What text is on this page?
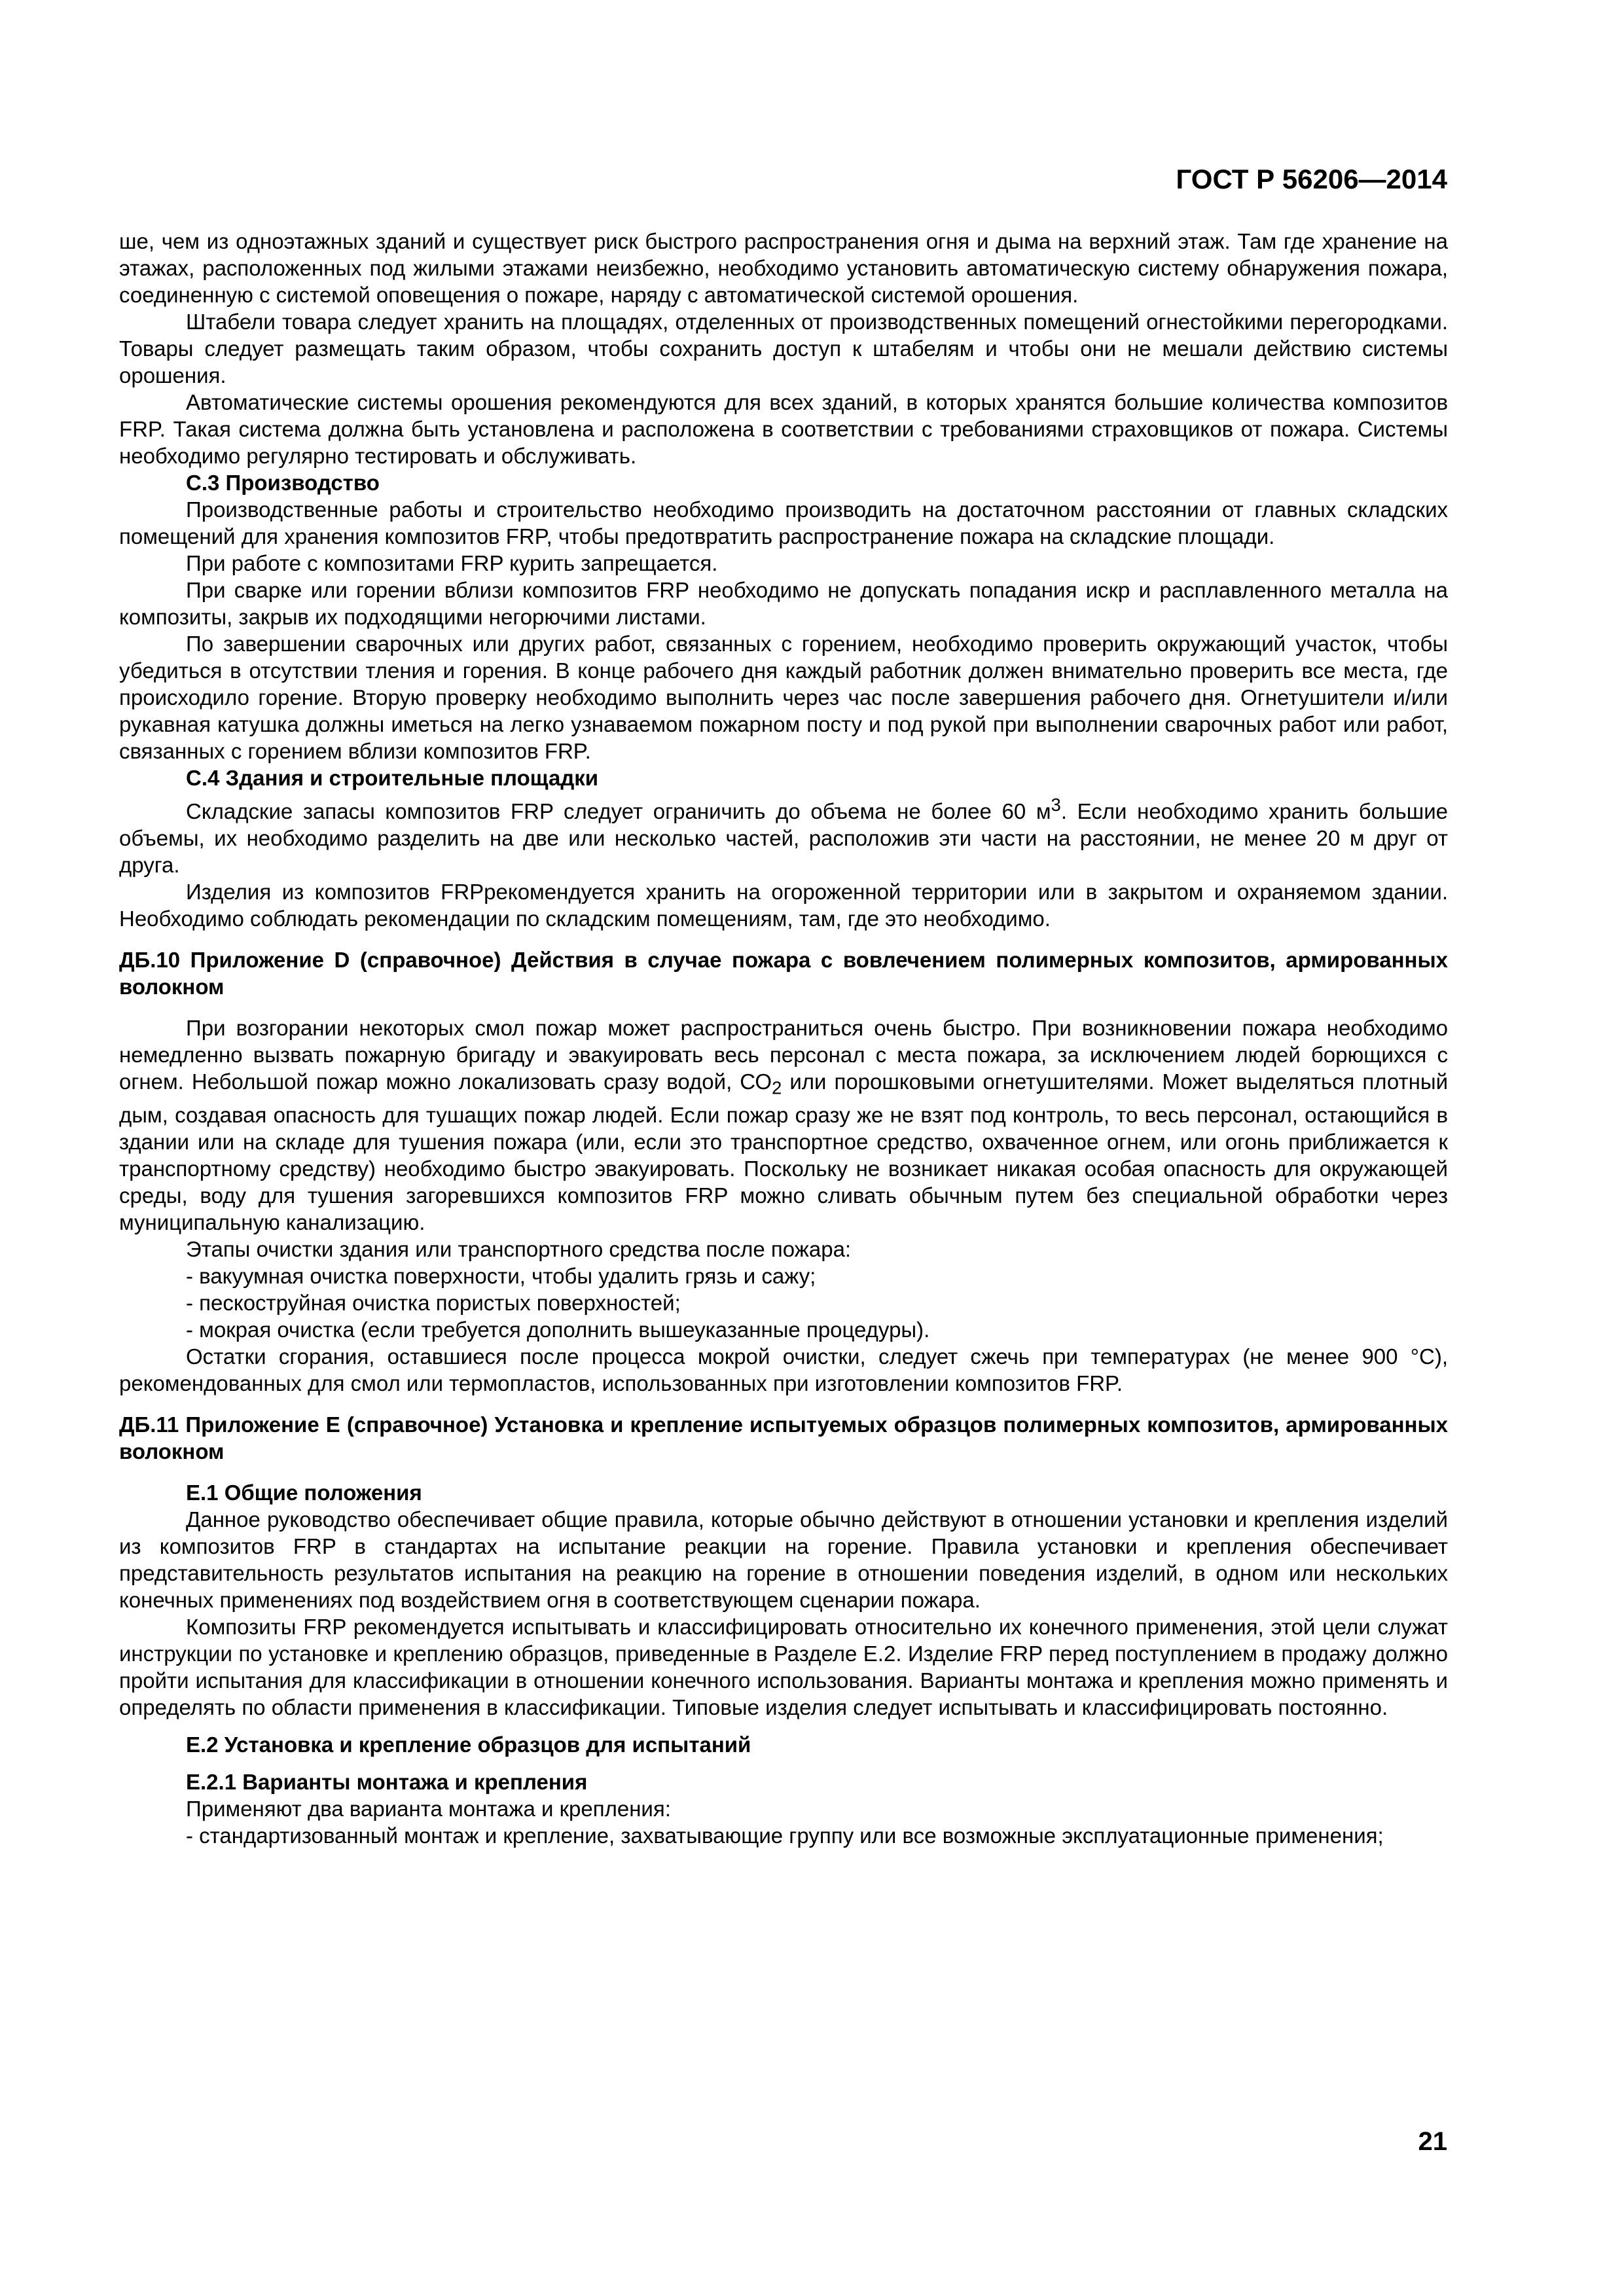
ГОСТ Р 56206—2014

ше, чем из одноэтажных зданий и существует риск быстрого распространения огня и дыма на верхний этаж. Там где хранение на этажах, расположенных под жилыми этажами неизбежно, необходимо установить автоматическую систему обнаружения пожара, соединенную с системой оповещения о пожаре, наряду с автоматической системой орошения.

Штабели товара следует хранить на площадях, отделенных от производственных помещений огнестойкими перегородками. Товары следует размещать таким образом, чтобы сохранить доступ к штабелям и чтобы они не мешали действию системы орошения.

Автоматические системы орошения рекомендуются для всех зданий, в которых хранятся большие количества композитов FRP. Такая система должна быть установлена и расположена в соответствии с требованиями страховщиков от пожара. Системы необходимо регулярно тестировать и обслуживать.

С.3 Производство

Производственные работы и строительство необходимо производить на достаточном расстоянии от главных складских помещений для хранения композитов FRP, чтобы предотвратить распространение пожара на складские площади.

При работе с композитами FRP курить запрещается.

При сварке или горении вблизи композитов FRP необходимо не допускать попадания искр и расплавленного металла на композиты, закрыв их подходящими негорючими листами.

По завершении сварочных или других работ, связанных с горением, необходимо проверить окружающий участок, чтобы убедиться в отсутствии тления и горения. В конце рабочего дня каждый работник должен внимательно проверить все места, где происходило горение. Вторую проверку необходимо выполнить через час после завершения рабочего дня. Огнетушители и/или рукавная катушка должны иметься на легко узнаваемом пожарном посту и под рукой при выполнении сварочных работ или работ, связанных с горением вблизи композитов FRP.

С.4 Здания и строительные площадки

Складские запасы композитов FRP следует ограничить до объема не более 60 $м^3$. Если необходимо хранить большие объемы, их необходимо разделить на две или несколько частей, расположив эти части на расстоянии, не менее 20 м друг от друга.

Изделия из композитов FRPрекомендуется хранить на огороженной территории или в закрытом и охраняемом здании. Необходимо соблюдать рекомендации по складским помещениям, там, где это необходимо.

ДБ.10 Приложение D (справочное) Действия в случае пожара с вовлечением полимерных композитов, армированных волокном

При возгорании некоторых смол пожар может распространиться очень быстро. При возникновении пожара необходимо немедленно вызвать пожарную бригаду и эвакуировать весь персонал с места пожара, за исключением людей борющихся с огнем. Небольшой пожар можно локализовать сразу водой, $СО_2$ или порошковыми огнетушителями. Может выделяться плотный дым, создавая опасность для тушащих пожар людей. Если пожар сразу же не взят под контроль, то весь персонал, остающийся в здании или на складе для тушения пожара (или, если это транспортное средство, охваченное огнем, или огонь приближается к транспортному средству) необходимо быстро эвакуировать. Поскольку не возникает никакая особая опасность для окружающей среды, воду для тушения загоревшихся композитов FRP можно сливать обычным путем без специальной обработки через муниципальную канализацию.

Этапы очистки здания или транспортного средства после пожара:

- вакуумная очистка поверхности, чтобы удалить грязь и сажу;

- пескоструйная очистка пористых поверхностей;

- мокрая очистка (если требуется дополнить вышеуказанные процедуры).

Остатки сгорания, оставшиеся после процесса мокрой очистки, следует сжечь при температурах (не менее 900 °С), рекомендованных для смол или термопластов, использованных при изготовлении композитов FRP.

ДБ.11 Приложение Е (справочное) Установка и крепление испытуемых образцов полимерных композитов, армированных волокном

Е.1 Общие положения

Данное руководство обеспечивает общие правила, которые обычно действуют в отношении установки и крепления изделий из композитов FRP в стандартах на испытание реакции на горение. Правила установки и крепления обеспечивает представительность результатов испытания на реакцию на горение в отношении поведения изделий, в одном или нескольких конечных применениях под воздействием огня в соответствующем сценарии пожара.

Композиты FRP рекомендуется испытывать и классифицировать относительно их конечного применения, этой цели служат инструкции по установке и креплению образцов, приведенные в Разделе Е.2. Изделие FRP перед поступлением в продажу должно пройти испытания для классификации в отношении конечного использования. Варианты монтажа и крепления можно применять и определять по области применения в классификации. Типовые изделия следует испытывать и классифицировать постоянно.

Е.2 Установка и крепление образцов для испытаний

Е.2.1 Варианты монтажа и крепления

Применяют два варианта монтажа и крепления:

- стандартизованный монтаж и крепление, захватывающие группу или все возможные эксплуатационные применения;

21
